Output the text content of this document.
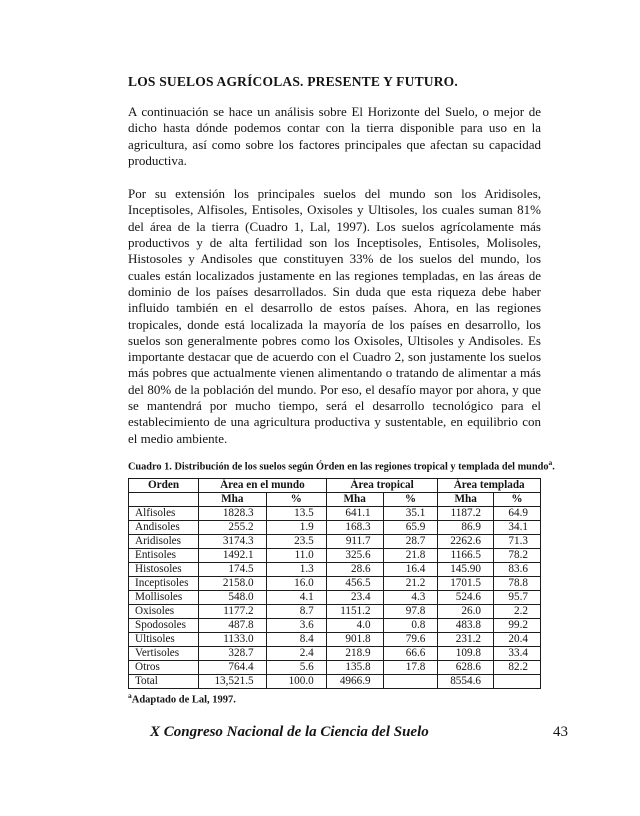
LOS SUELOS AGRÍCOLAS. PRESENTE Y FUTURO.

A continuación se hace un análisis sobre El Horizonte del Suelo, o mejor de dicho hasta dónde podemos contar con la tierra disponible para uso en la agricultura, así como sobre los factores principales que afectan su capacidad productiva.

Por su extensión los principales suelos del mundo son los Aridisoles, Inceptisoles, Alfisoles, Entisoles, Oxisoles y Ultisoles, los cuales suman 81% del área de la tierra (Cuadro 1, Lal, 1997). Los suelos agrícolamente más productivos y de alta fertilidad son los Inceptisoles, Entisoles, Molisoles, Histosoles y Andisoles que constituyen 33% de los suelos del mundo, los cuales están localizados justamente en las regiones templadas, en las áreas de dominio de los países desarrollados. Sin duda que esta riqueza debe haber influido también en el desarrollo de estos países. Ahora, en las regiones tropicales, donde está localizada la mayoría de los países en desarrollo, los suelos son generalmente pobres como los Oxisoles, Ultisoles y Andisoles. Es importante destacar que de acuerdo con el Cuadro 2, son justamente los suelos más pobres que actualmente vienen alimentando o tratando de alimentar a más del 80% de la población del mundo. Por eso, el desafío mayor por ahora, y que se mantendrá por mucho tiempo, será el desarrollo tecnológico para el establecimiento de una agricultura productiva y sustentable, en equilibrio con el medio ambiente.

Cuadro 1. Distribución de los suelos según Órden en las regiones tropical y templada del mundo$^a$.
Orden	Área en el mundo		Área tropical		Área templada	
	Mha	%	Mha	%	Mha	%
Alfisoles	1828.3	13.5	641.1	35.1	1187.2	64.9
Andisoles	255.2	1.9	168.3	65.9	86.9	34.1
Aridisoles	3174.3	23.5	911.7	28.7	2262.6	71.3
Entisoles	1492.1	11.0	325.6	21.8	1166.5	78.2
Histosoles	174.5	1.3	28.6	16.4	145.90	83.6
Inceptisoles	2158.0	16.0	456.5	21.2	1701.5	78.8
Mollisoles	548.0	4.1	23.4	4.3	524.6	95.7
Oxisoles	1177.2	8.7	1151.2	97.8	26.0	2.2
Spodosoles	487.8	3.6	4.0	0.8	483.8	99.2
Ultisoles	1133.0	8.4	901.8	79.6	231.2	20.4
Vertisoles	328.7	2.4	218.9	66.6	109.8	33.4
Otros	764.4	5.6	135.8	17.8	628.6	82.2
Total	13,521.5	100.0	4966.9		8554.6	
$^a$Adaptado de Lal, 1997.
X Congreso Nacional de la Ciencia del Suelo	43
